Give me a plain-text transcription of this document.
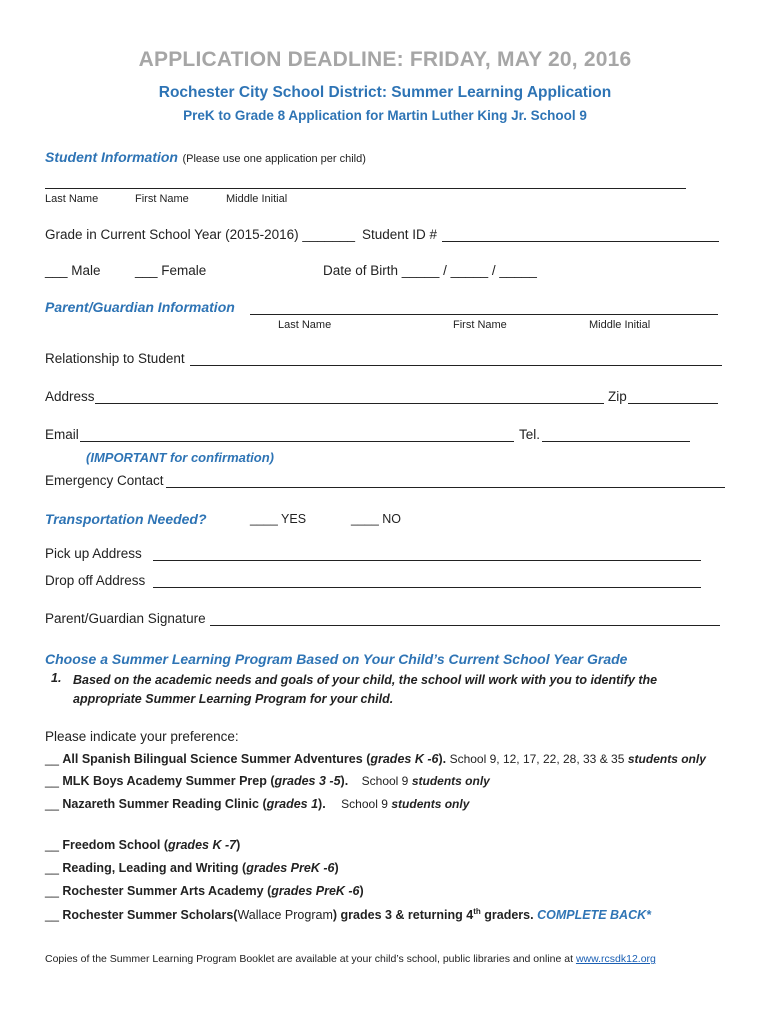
APPLICATION DEADLINE: FRIDAY, MAY 20, 2016
Rochester City School District: Summer Learning Application
PreK to Grade 8 Application for Martin Luther King Jr. School 9
Student Information (Please use one application per child)
Last Name	First Name	Middle Initial
Grade in Current School Year (2015-2016) _______ Student ID #
___ Male	___ Female	Date of Birth _____ / _____ / _____
Parent/Guardian Information
Last Name	First Name	Middle Initial
Relationship to Student
Address	Zip
Email	Tel.
(IMPORTANT for confirmation)
Emergency Contact
Transportation Needed?	____ YES	____ NO
Pick up Address
Drop off Address
Parent/Guardian Signature
Choose a Summer Learning Program Based on Your Child’s Current School Year Grade
1. Based on the academic needs and goals of your child, the school will work with you to identify the appropriate Summer Learning Program for your child.
Please indicate your preference:
__ All Spanish Bilingual Science Summer Adventures (grades K -6). School 9, 12, 17, 22, 28, 33 & 35 students only
__ MLK Boys Academy Summer Prep (grades 3 -5). School 9 students only
__ Nazareth Summer Reading Clinic (grades 1). School 9 students only
__ Freedom School (grades K -7)
__ Reading, Leading and Writing (grades PreK -6)
__ Rochester Summer Arts Academy (grades PreK -6)
__ Rochester Summer Scholars(Wallace Program) grades 3 & returning 4th graders. COMPLETE BACK*
Copies of the Summer Learning Program Booklet are available at your child’s school, public libraries and online at www.rcsdk12.org
